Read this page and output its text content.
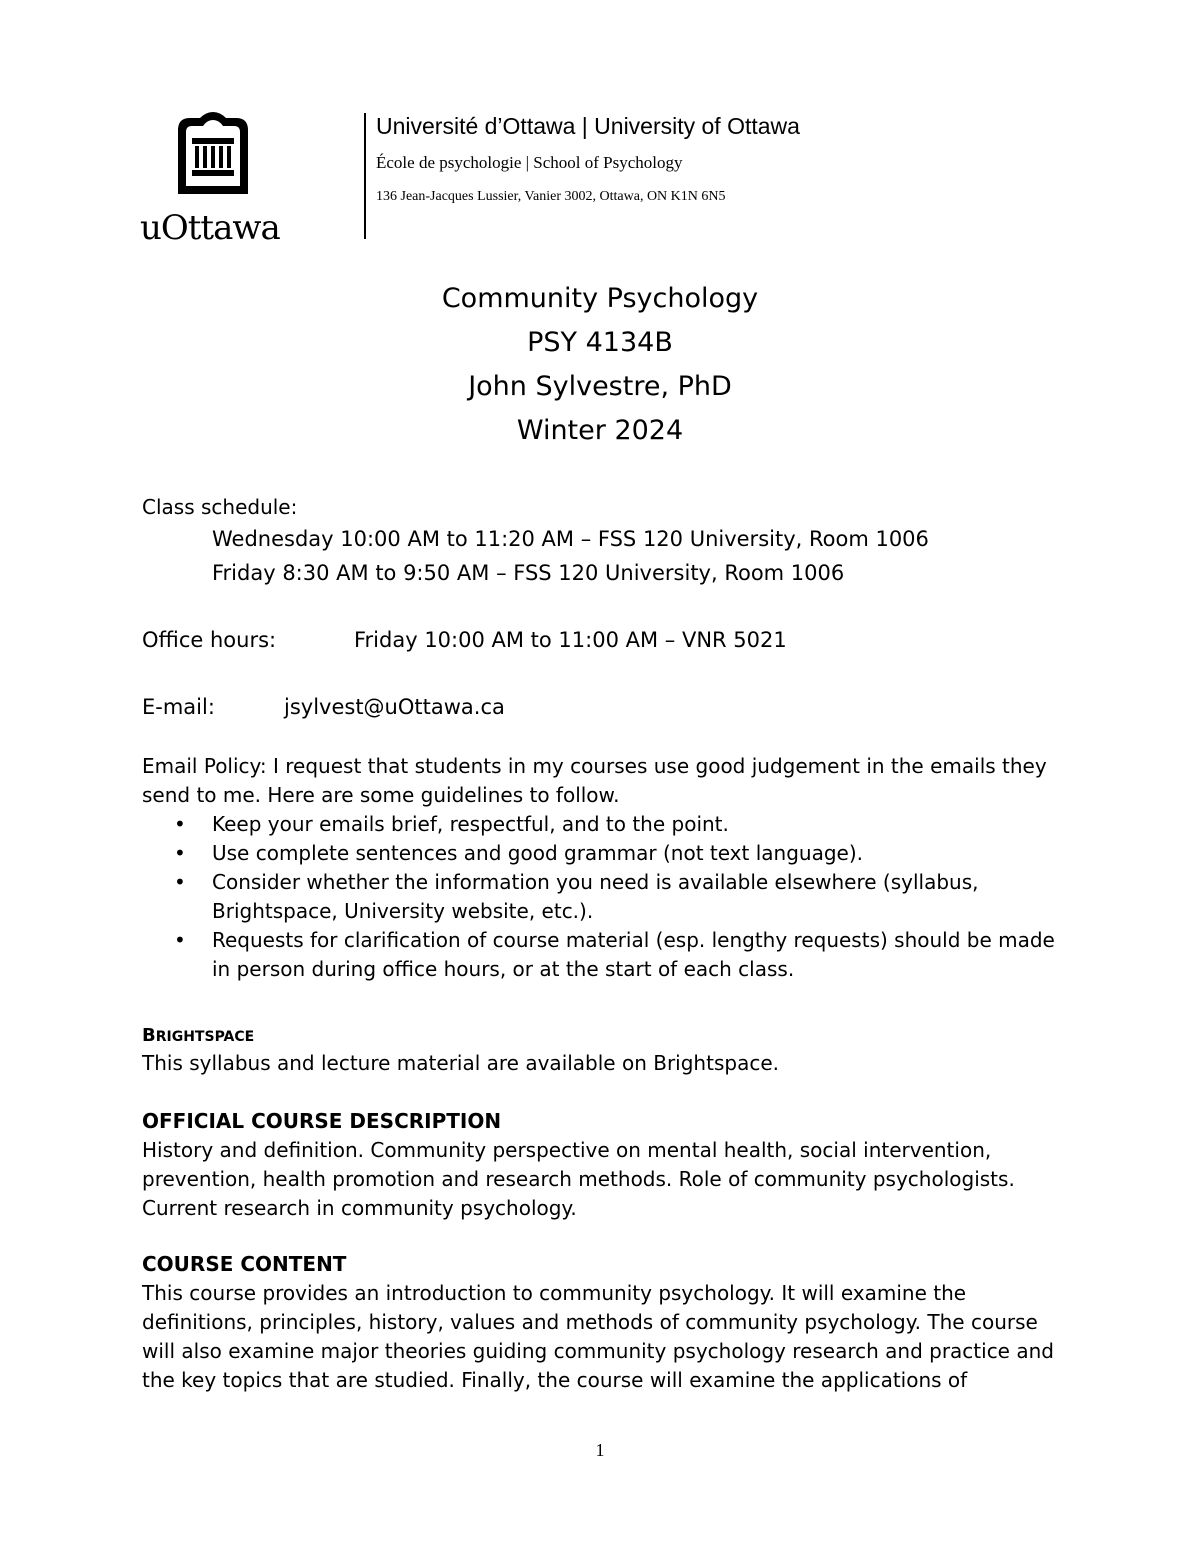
uOttawa
Université d’Ottawa | University of Ottawa
École de psychologie | School of Psychology
136 Jean-Jacques Lussier, Vanier 3002, Ottawa, ON K1N 6N5
Community Psychology
PSY 4134B
John Sylvestre, PhD
Winter 2024
Class schedule:
Wednesday 10:00 AM to 11:20 AM – FSS 120 University, Room 1006
Friday 8:30 AM to 9:50 AM – FSS 120 University, Room 1006
Office hours:	Friday 10:00 AM to 11:00 AM – VNR 5021
E-mail:	jsylvest@uOttawa.ca
Email Policy: I request that students in my courses use good judgement in the emails they send to me. Here are some guidelines to follow.
• Keep your emails brief, respectful, and to the point.
• Use complete sentences and good grammar (not text language).
• Consider whether the information you need is available elsewhere (syllabus, Brightspace, University website, etc.).
• Requests for clarification of course material (esp. lengthy requests) should be made in person during office hours, or at the start of each class.
BRIGHTSPACE
This syllabus and lecture material are available on Brightspace.
OFFICIAL COURSE DESCRIPTION
History and definition. Community perspective on mental health, social intervention, prevention, health promotion and research methods. Role of community psychologists. Current research in community psychology.
COURSE CONTENT
This course provides an introduction to community psychology. It will examine the definitions, principles, history, values and methods of community psychology. The course will also examine major theories guiding community psychology research and practice and the key topics that are studied. Finally, the course will examine the applications of
1
